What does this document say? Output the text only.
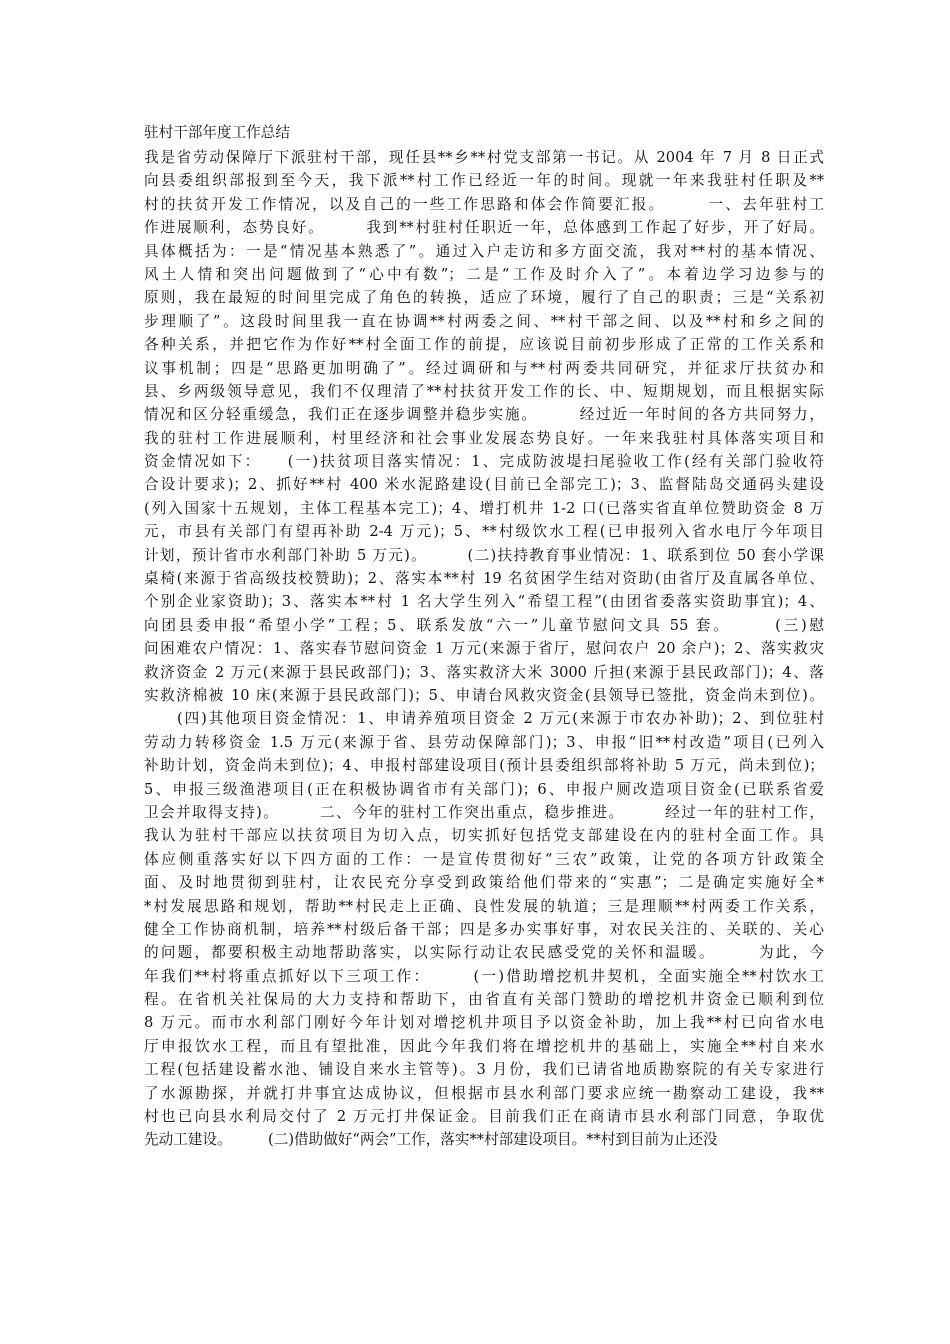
驻村干部年度工作总结
我是省劳动保障厅下派驻村干部，现任县**乡**村党支部第一书记。从 2004 年 7 月 8 日正式
向县委组织部报到至今天，我下派**村工作已经近一年的时间。现就一年来我驻村任职及**
村的扶贫开发工作情况，以及自己的一些工作思路和体会作简要汇报。　　　一、去年驻村工
作进展顺利，态势良好。　　　我到**村驻村任职近一年，总体感到工作起了好步，开了好局。
具体概括为：一是“情况基本熟悉了”。通过入户走访和多方面交流，我对**村的基本情况、
风土人情和突出问题做到了“心中有数”；二是“工作及时介入了”。本着边学习边参与的
原则，我在最短的时间里完成了角色的转换，适应了环境，履行了自己的职责；三是“关系初
步理顺了”。这段时间里我一直在协调**村两委之间、**村干部之间、以及**村和乡之间的
各种关系，并把它作为作好**村全面工作的前提，应该说目前初步形成了正常的工作关系和
议事机制；四是“思路更加明确了”。经过调研和与**村两委共同研究，并征求厅扶贫办和
县、乡两级领导意见，我们不仅理清了**村扶贫开发工作的长、中、短期规划，而且根据实际
情况和区分轻重缓急，我们正在逐步调整并稳步实施。　　　经过近一年时间的各方共同努力，
我的驻村工作进展顺利，村里经济和社会事业发展态势良好。一年来我驻村具体落实项目和
资金情况如下：　　(一)扶贫项目落实情况：1、完成防波堤扫尾验收工作(经有关部门验收符
合设计要求)；2、抓好**村 400 米水泥路建设(目前已全部完工)；3、监督陆岛交通码头建设
(列入国家十五规划，主体工程基本完工)；4、增打机井 1-2 口(已落实省直单位赞助资金 8 万
元，市县有关部门有望再补助 2-4 万元)；5、**村级饮水工程(已申报列入省水电厅今年项目
计划，预计省市水利部门补助 5 万元)。　　　(二)扶持教育事业情况：1、联系到位 50 套小学课
桌椅(来源于省高级技校赞助)；2、落实本**村 19 名贫困学生结对资助(由省厅及直属各单位、
个别企业家资助)；3、落实本**村 1 名大学生列入“希望工程”(由团省委落实资助事宜)；4、
向团县委申报“希望小学”工程；5、联系发放“六一”儿童节慰问文具 55 套。　　　(三)慰
问困难农户情况：1、落实春节慰问资金 1 万元(来源于省厅，慰问农户 20 余户)；2、落实救灾
救济资金 2 万元(来源于县民政部门)；3、落实救济大米 3000 斤担(来源于县民政部门)；4、落
实救济棉被 10 床(来源于县民政部门)；5、申请台风救灾资金(县领导已签批，资金尚未到位)。
　　(四)其他项目资金情况：1、申请养殖项目资金 2 万元(来源于市农办补助)；2、到位驻村
劳动力转移资金 1.5 万元(来源于省、县劳动保障部门)；3、申报“旧**村改造”项目(已列入
补助计划，资金尚未到位)；4、申报村部建设项目(预计县委组织部将补助 5 万元，尚未到位)；
5、申报三级渔港项目(正在积极协调省市有关部门)；6、申报户厕改造项目资金(已联系省爱
卫会并取得支持)。　　　二、今年的驻村工作突出重点，稳步推进。　　　经过一年的驻村工作，
我认为驻村干部应以扶贫项目为切入点，切实抓好包括党支部建设在内的驻村全面工作。具
体应侧重落实好以下四方面的工作：一是宣传贯彻好“三农”政策，让党的各项方针政策全
面、及时地贯彻到驻村，让农民充分享受到政策给他们带来的“实惠”；二是确定实施好全*
*村发展思路和规划，帮助**村民走上正确、良性发展的轨道；三是理顺**村两委工作关系，
健全工作协商机制，培养**村级后备干部；四是多办实事好事，对农民关注的、关联的、关心
的问题，都要积极主动地帮助落实，以实际行动让农民感受党的关怀和温暖。　　　为此，今
年我们**村将重点抓好以下三项工作：　　　(一)借助增挖机井契机，全面实施全**村饮水工
程。在省机关社保局的大力支持和帮助下，由省直有关部门赞助的增挖机井资金已顺利到位
8 万元。而市水利部门刚好今年计划对增挖机井项目予以资金补助，加上我**村已向省水电
厅申报饮水工程，而且有望批准，因此今年我们将在增挖机井的基础上，实施全**村自来水
工程(包括建设蓄水池、铺设自来水主管等)。3 月份，我们已请省地质勘察院的有关专家进行
了水源勘探，并就打井事宜达成协议，但根据市县水利部门要求应统一勘察动工建设，我**
村也已向县水利局交付了 2 万元打井保证金。目前我们正在商请市县水利部门同意，争取优
先动工建设。　　　(二)借助做好“两会”工作，落实**村部建设项目。**村到目前为止还没
